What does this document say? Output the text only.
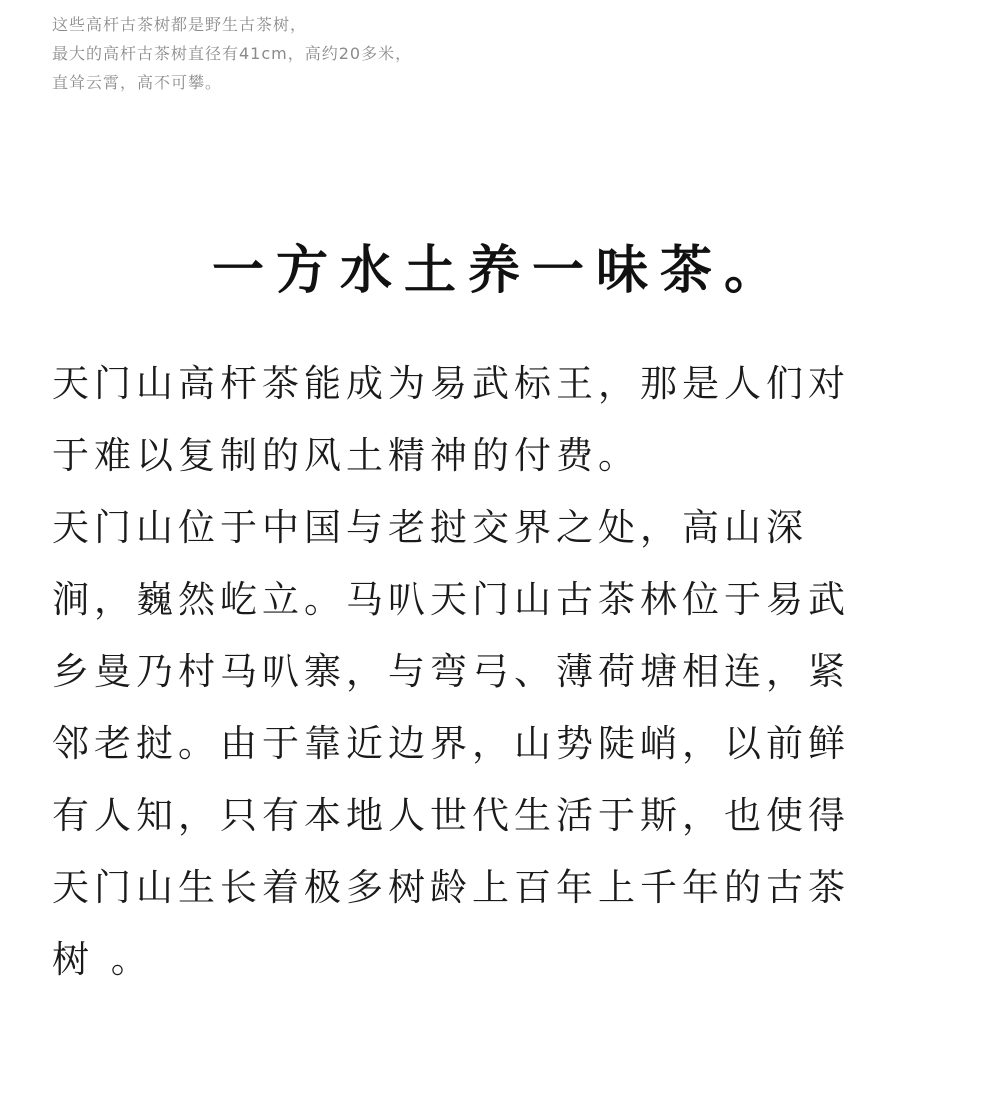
这些高杆古茶树都是野生古茶树，
最大的高杆古茶树直径有41cm，高约20多米，
直耸云霄，高不可攀。
一方水土养一味茶。
天门山高杆茶能成为易武标王，那是人们对
于难以复制的风土精神的付费。
天门山位于中国与老挝交界之处，高山深
涧，巍然屹立。马叭天门山古茶林位于易武
乡曼乃村马叭寨，与弯弓、薄荷塘相连，紧
邻老挝。由于靠近边界，山势陡峭，以前鲜
有人知，只有本地人世代生活于斯，也使得
天门山生长着极多树龄上百年上千年的古茶
树 。
